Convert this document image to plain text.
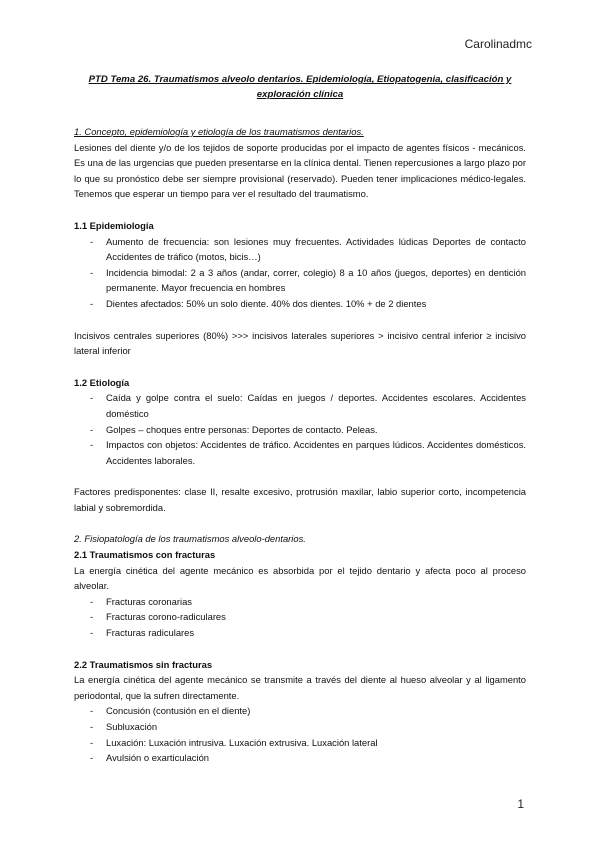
Carolinadmc
PTD Tema 26. Traumatismos alveolo dentarios. Epidemiología, Etiopatogenia, clasificación y exploración clínica
1. Concepto, epidemiología y etiología de los traumatismos dentarios.

Lesiones del diente y/o de los tejidos de soporte producidas por el impacto de agentes físicos - mecánicos. Es una de las urgencias que pueden presentarse en la clínica dental. Tienen repercusiones a largo plazo por lo que su pronóstico debe ser siempre provisional (reservado). Pueden tener implicaciones médico-legales. Tenemos que esperar un tiempo para ver el resultado del traumatismo.

1.1 Epidemiología
- Aumento de frecuencia: son lesiones muy frecuentes. Actividades lúdicas Deportes de contacto Accidentes de tráfico (motos, bicis…)
- Incidencia bimodal: 2 a 3 años (andar, correr, colegio) 8 a 10 años (juegos, deportes) en dentición permanente. Mayor frecuencia en hombres
- Dientes afectados: 50% un solo diente. 40% dos dientes. 10% + de 2 dientes

Incisivos centrales superiores (80%) >>> incisivos laterales superiores > incisivo central inferior ≥ incisivo lateral inferior

1.2 Etiología
- Caída y golpe contra el suelo: Caídas en juegos / deportes. Accidentes escolares. Accidentes doméstico
- Golpes – choques entre personas: Deportes de contacto. Peleas.
- Impactos con objetos: Accidentes de tráfico. Accidentes en parques lúdicos. Accidentes domésticos. Accidentes laborales.

Factores predisponentes: clase II, resalte excesivo, protrusión maxilar, labio superior corto, incompetencia labial y sobremordida.

2. Fisiopatología de los traumatismos alveolo-dentarios.
2.1 Traumatismos con fracturas

La energía cinética del agente mecánico es absorbida por el tejido dentario y afecta poco al proceso alveolar.

- Fracturas coronarias
- Fracturas corono-radiculares
- Fracturas radiculares
2.2 Traumatismos sin fracturas

La energía cinética del agente mecánico se transmite a través del diente al hueso alveolar y al ligamento periodontal, que la sufren directamente.

- Concusión (contusión en el diente)
- Subluxación
- Luxación: Luxación intrusiva. Luxación extrusiva. Luxación lateral
- Avulsión o exarticulación
1
